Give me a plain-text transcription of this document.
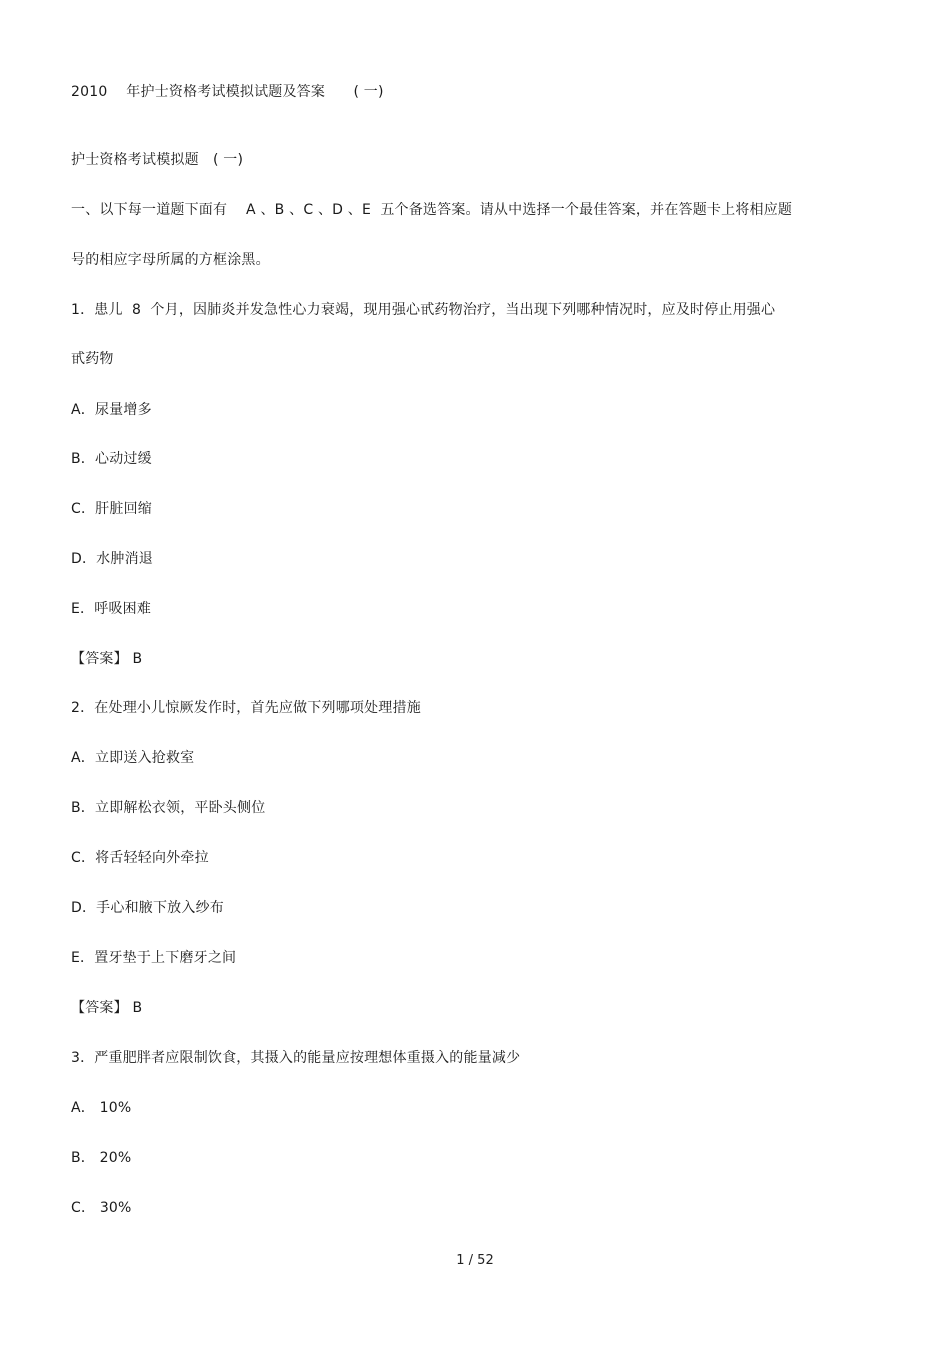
2010　 年护士资格考试模拟试题及答案　　( 一)
护士资格考试模拟题　( 一)
一、以下每一道题下面有　 A 、B 、C 、D 、E  五个备选答案。请从中选择一个最佳答案，并在答题卡上将相应题
号的相应字母所属的方框涂黑。
1．患儿  8  个月，因肺炎并发急性心力衰竭，现用强心甙药物治疗，当出现下列哪种情况时，应及时停止用强心
甙药物
A．尿量增多
B．心动过缓
C．肝脏回缩
D．水肿消退
E．呼吸困难
【答案】 B
2．在处理小儿惊厥发作时，首先应做下列哪项处理措施
A．立即送入抢救室
B．立即解松衣领，平卧头侧位
C．将舌轻轻向外牵拉
D．手心和腋下放入纱布
E．置牙垫于上下磨牙之间
【答案】 B
3．严重肥胖者应限制饮食，其摄入的能量应按理想体重摄入的能量减少
A． 10%
B． 20%
C． 30%
1 / 52
